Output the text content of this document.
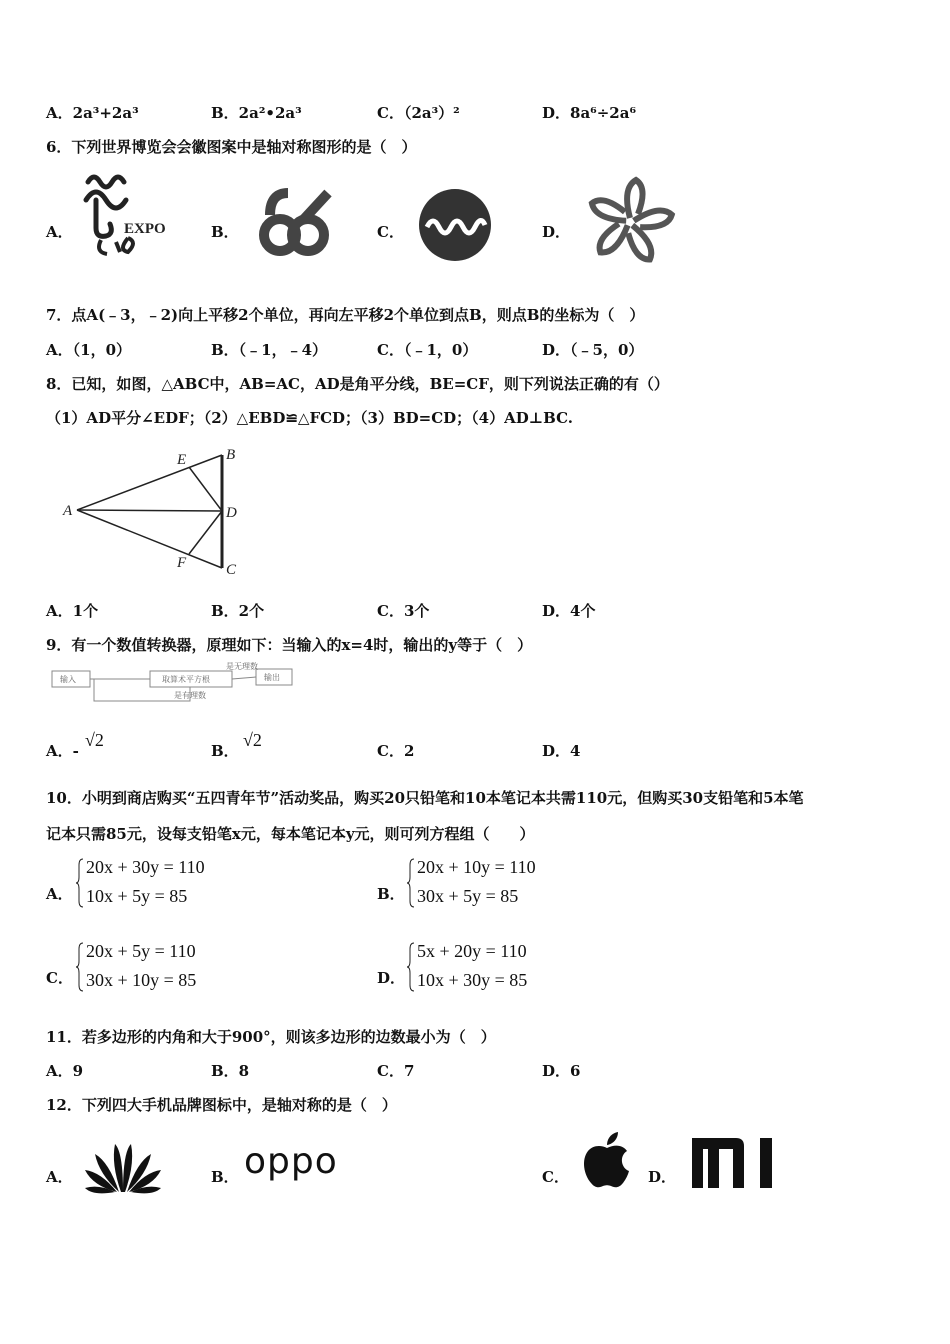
A．2a³+2a³	B．2a²•2a³	C．（2a³）²	D．8a⁶÷2a⁶
6．下列世界博览会会徽图案中是轴对称图形的是（　）
A．	EXPO	B．	C．	D．
7．点A(﹣3，﹣2)向上平移2个单位，再向左平移2个单位到点B，则点B的坐标为（　）
A．（1，0）	B．（﹣1，﹣4）	C．（﹣1，0）	D．（﹣5，0）
8．已知，如图，△ABC中，AB=AC，AD是角平分线，BE=CF，则下列说法正确的有（）
（1）AD平分∠EDF；（2）△EBD≌△FCD；（3）BD=CD；（4）AD⊥BC.
A
B
C
D
E
F
A．1个	B．2个	C．3个	D．4个
9．有一个数值转换器，原理如下：当输入的x=4时，输出的y等于（　）
输入	取算术平方根
是无理数
输出
是有理数
A．-
√2
B．
√2
C．2	D．4
10．小明到商店购买“五四青年节”活动奖品，购买20只铅笔和10本笔记本共需110元，但购买30支铅笔和5本笔
记本只需85元，设每支铅笔x元，每本笔记本y元，则可列方程组（　　）
A．
20x + 30y = 110
10x + 5y = 85	B．
20x + 10y = 110
30x + 5y = 85
C．
20x + 5y = 110
30x + 10y = 85	D．
5x + 20y = 110
10x + 30y = 85
11．若多边形的内角和大于900°，则该多边形的边数最小为（　）
A．9	B．8	C．7	D．6
12．下列四大手机品牌图标中，是轴对称的是（　）
A．	B． oppo	C．	D．
